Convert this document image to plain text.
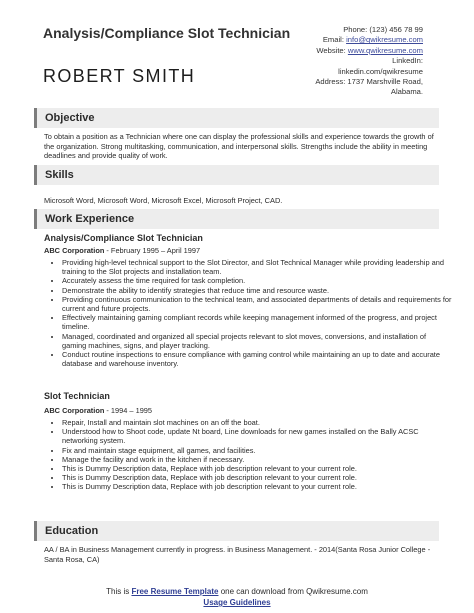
Analysis/Compliance Slot Technician
ROBERT SMITH
Phone: (123) 456 78 99
Email: info@qwikresume.com
Website: www.qwikresume.com
LinkedIn:
linkedin.com/qwikresume
Address: 1737 Marshville Road,
Alabama.
Objective
To obtain a position as a Technician where one can display the professional skills and experience towards the growth of the organization. Strong multitasking, communication, and interpersonal skills. Strengths include the ability in meeting deadlines and provide quality of work.
Skills
Microsoft Word, Microsoft Word, Microsoft Excel, Microsoft Project, CAD.
Work Experience
Analysis/Compliance Slot Technician
ABC Corporation - February 1995 – April 1997
• Providing high-level technical support to the Slot Director, and Slot Technical Manager while providing leadership and training to the Slot projects and installation team.
• Accurately assess the time required for task completion.
• Demonstrate the ability to identify strategies that reduce time and resource waste.
• Providing continuous communication to the technical team, and associated departments of details and requirements for current and future projects.
• Effectively maintaining gaming compliant records while keeping management informed of the progress, and project timeline.
• Managed, coordinated and organized all special projects relevant to slot moves, conversions, and installation of gaming machines, signs, and player tracking.
• Conduct routine inspections to ensure compliance with gaming control while maintaining an up to date and accurate database and warehouse inventory.
Slot Technician
ABC Corporation - 1994 – 1995
• Repair, Install and maintain slot machines on an off the boat.
• Understood how to Shoot code, update Nt board, Line downloads for new games installed on the Bally ACSC networking system.
• Fix and maintain stage equipment, all games, and facilities.
• Manage the facility and work in the kitchen if necessary.
• This is Dummy Description data, Replace with job description relevant to your current role.
• This is Dummy Description data, Replace with job description relevant to your current role.
• This is Dummy Description data, Replace with job description relevant to your current role.
Education
AA / BA in Business Management currently in progress. in Business Management. - 2014(Santa Rosa Junior College - Santa Rosa, CA)
This is Free Resume Template one can download from Qwikresume.com
Usage Guidelines
